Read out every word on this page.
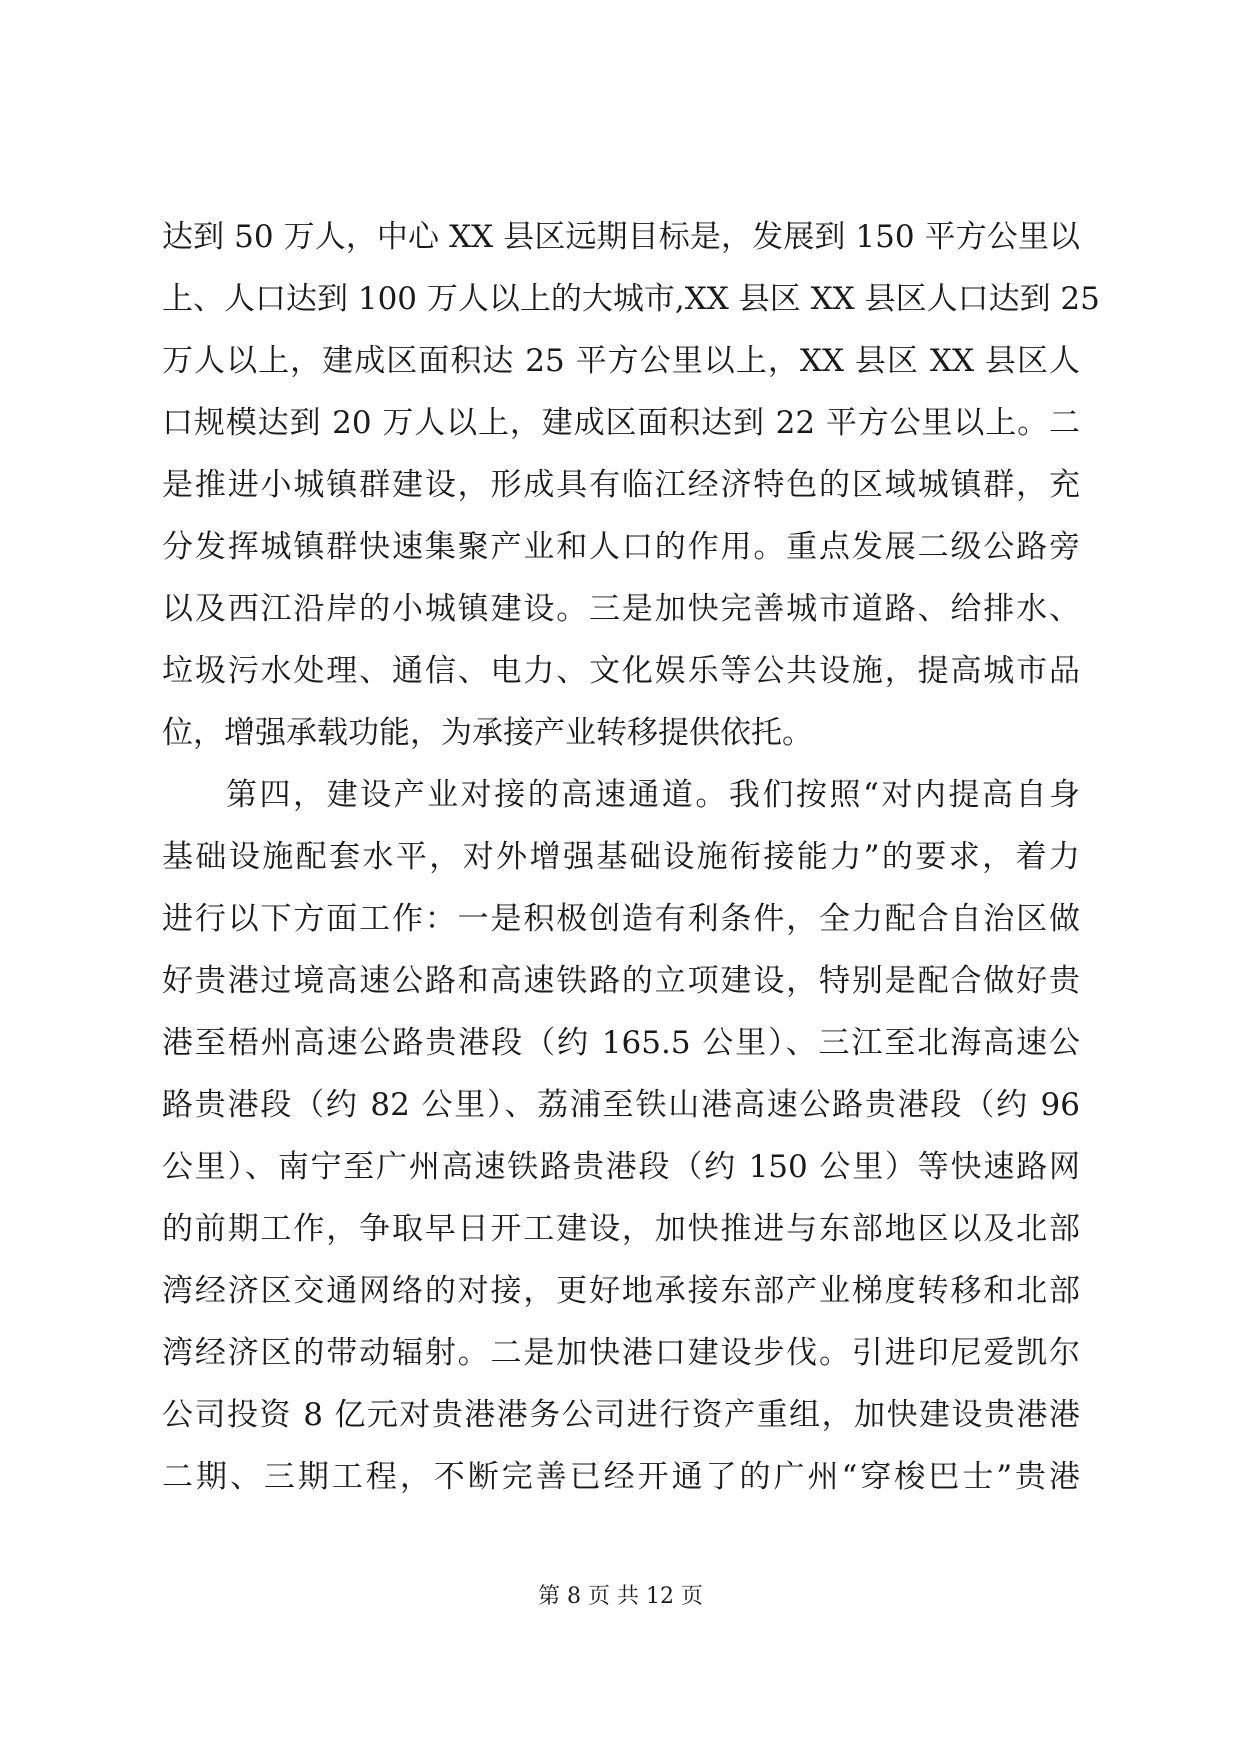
达到 50 万人，中心 XX 县区远期目标是，发展到 150 平方公里以
上、人口达到 100 万人以上的大城市,XX 县区 XX 县区人口达到 25
万人以上，建成区面积达 25 平方公里以上，XX 县区 XX 县区人
口规模达到 20 万人以上，建成区面积达到 22 平方公里以上。二
是推进小城镇群建设，形成具有临江经济特色的区域城镇群，充
分发挥城镇群快速集聚产业和人口的作用。重点发展二级公路旁
以及西江沿岸的小城镇建设。三是加快完善城市道路、给排水、
垃圾污水处理、通信、电力、文化娱乐等公共设施，提高城市品
位，增强承载功能，为承接产业转移提供依托。
第四，建设产业对接的高速通道。我们按照“对内提高自身
基础设施配套水平，对外增强基础设施衔接能力”的要求，着力
进行以下方面工作：一是积极创造有利条件，全力配合自治区做
好贵港过境高速公路和高速铁路的立项建设，特别是配合做好贵
港至梧州高速公路贵港段（约 165.5 公里）、三江至北海高速公
路贵港段（约 82 公里）、荔浦至铁山港高速公路贵港段（约 96
公里）、南宁至广州高速铁路贵港段（约 150 公里）等快速路网
的前期工作，争取早日开工建设，加快推进与东部地区以及北部
湾经济区交通网络的对接，更好地承接东部产业梯度转移和北部
湾经济区的带动辐射。二是加快港口建设步伐。引进印尼爱凯尔
公司投资 8 亿元对贵港港务公司进行资产重组，加快建设贵港港
二期、三期工程，不断完善已经开通了的广州“穿梭巴士”贵港
第 8 页 共 12 页
